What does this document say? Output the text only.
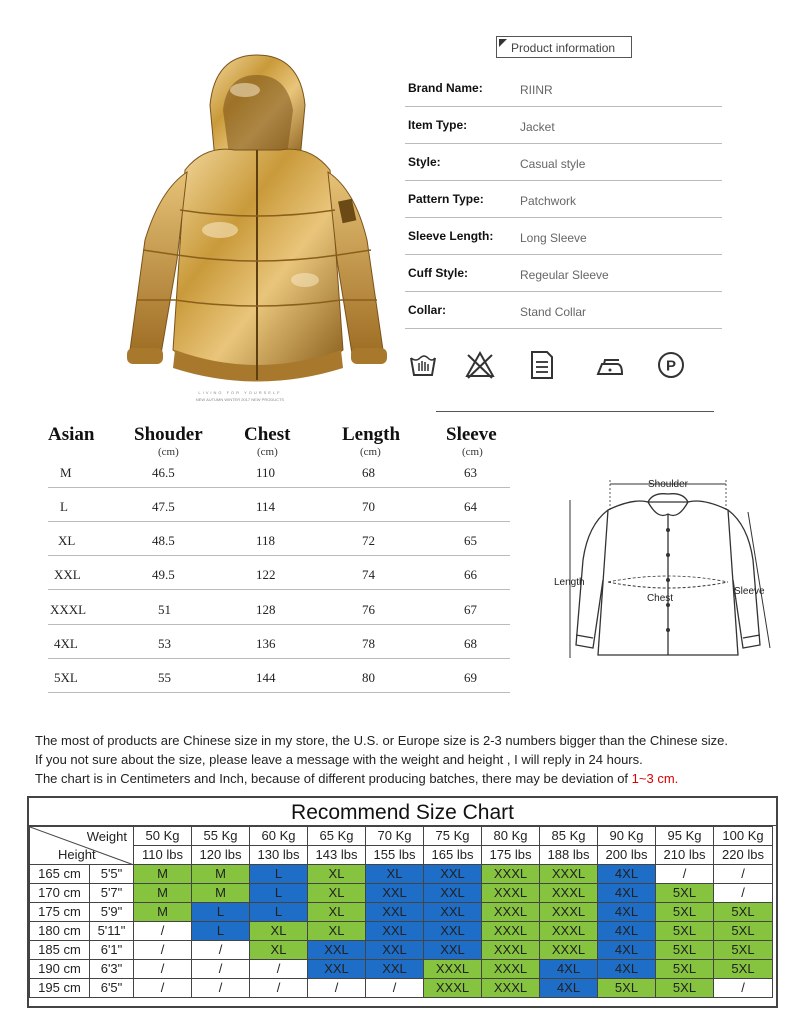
LIVING FOR YOURSELF
NEW AUTUMN WINTER 2017 NEW PRODUCTS
Product information
Brand Name:	RIINR
Item Type:	Jacket
Style:	Casual style
Pattern Type:	Patchwork
Sleeve Length: Long Sleeve
Cuff Style:	Regeular Sleeve
Collar:	Stand Collar
P
Asian Shouder Chest	Length Sleeve
(cm)	(cm)	(cm)	(cm)
M	46.5	110	68	63
L	47.5	114	70	64
XL	48.5	118	72	65
XXL	49.5	122	74	66
XXXL	51	128	76	67
4XL	53	136	78	68
5XL	55	144	80	69
Shoulder
Length
Chest
Sleeve
The most of products are Chinese size in my store, the U.S. or Europe size is 2-3 numbers bigger than the Chinese size.
If you not sure about the size, please leave a message with the weight and height , I will reply in 24 hours.
The chart is in Centimeters and Inch, because of different producing batches, there may be deviation of 1~3 cm.
Recommend Size Chart
Weight
Height		50 Kg	55 Kg	60 Kg	65 Kg	70 Kg	75 Kg	80 Kg	85 Kg	90 Kg	95 Kg	100 Kg
		110 lbs	120 lbs	130 lbs	143 lbs	155 lbs	165 lbs	175 lbs	188 lbs	200 lbs	210 lbs	220 lbs
165 cm	5'5"	M	M	L	XL	XL	XXL	XXXL	XXXL	4XL	/	/
170 cm	5'7"	M	M	L	XL	XXL	XXL	XXXL	XXXL	4XL	5XL	/
175 cm	5'9"	M	L	L	XL	XXL	XXL	XXXL	XXXL	4XL	5XL	5XL
180 cm	5'11"	/	L	XL	XL	XXL	XXL	XXXL	XXXL	4XL	5XL	5XL
185 cm	6'1"	/	/	XL	XXL	XXL	XXL	XXXL	XXXL	4XL	5XL	5XL
190 cm	6'3"	/	/	/	XXL	XXL	XXXL	XXXL	4XL	4XL	5XL	5XL
195 cm	6'5"	/	/	/	/	/	XXXL	XXXL	4XL	5XL	5XL	/
